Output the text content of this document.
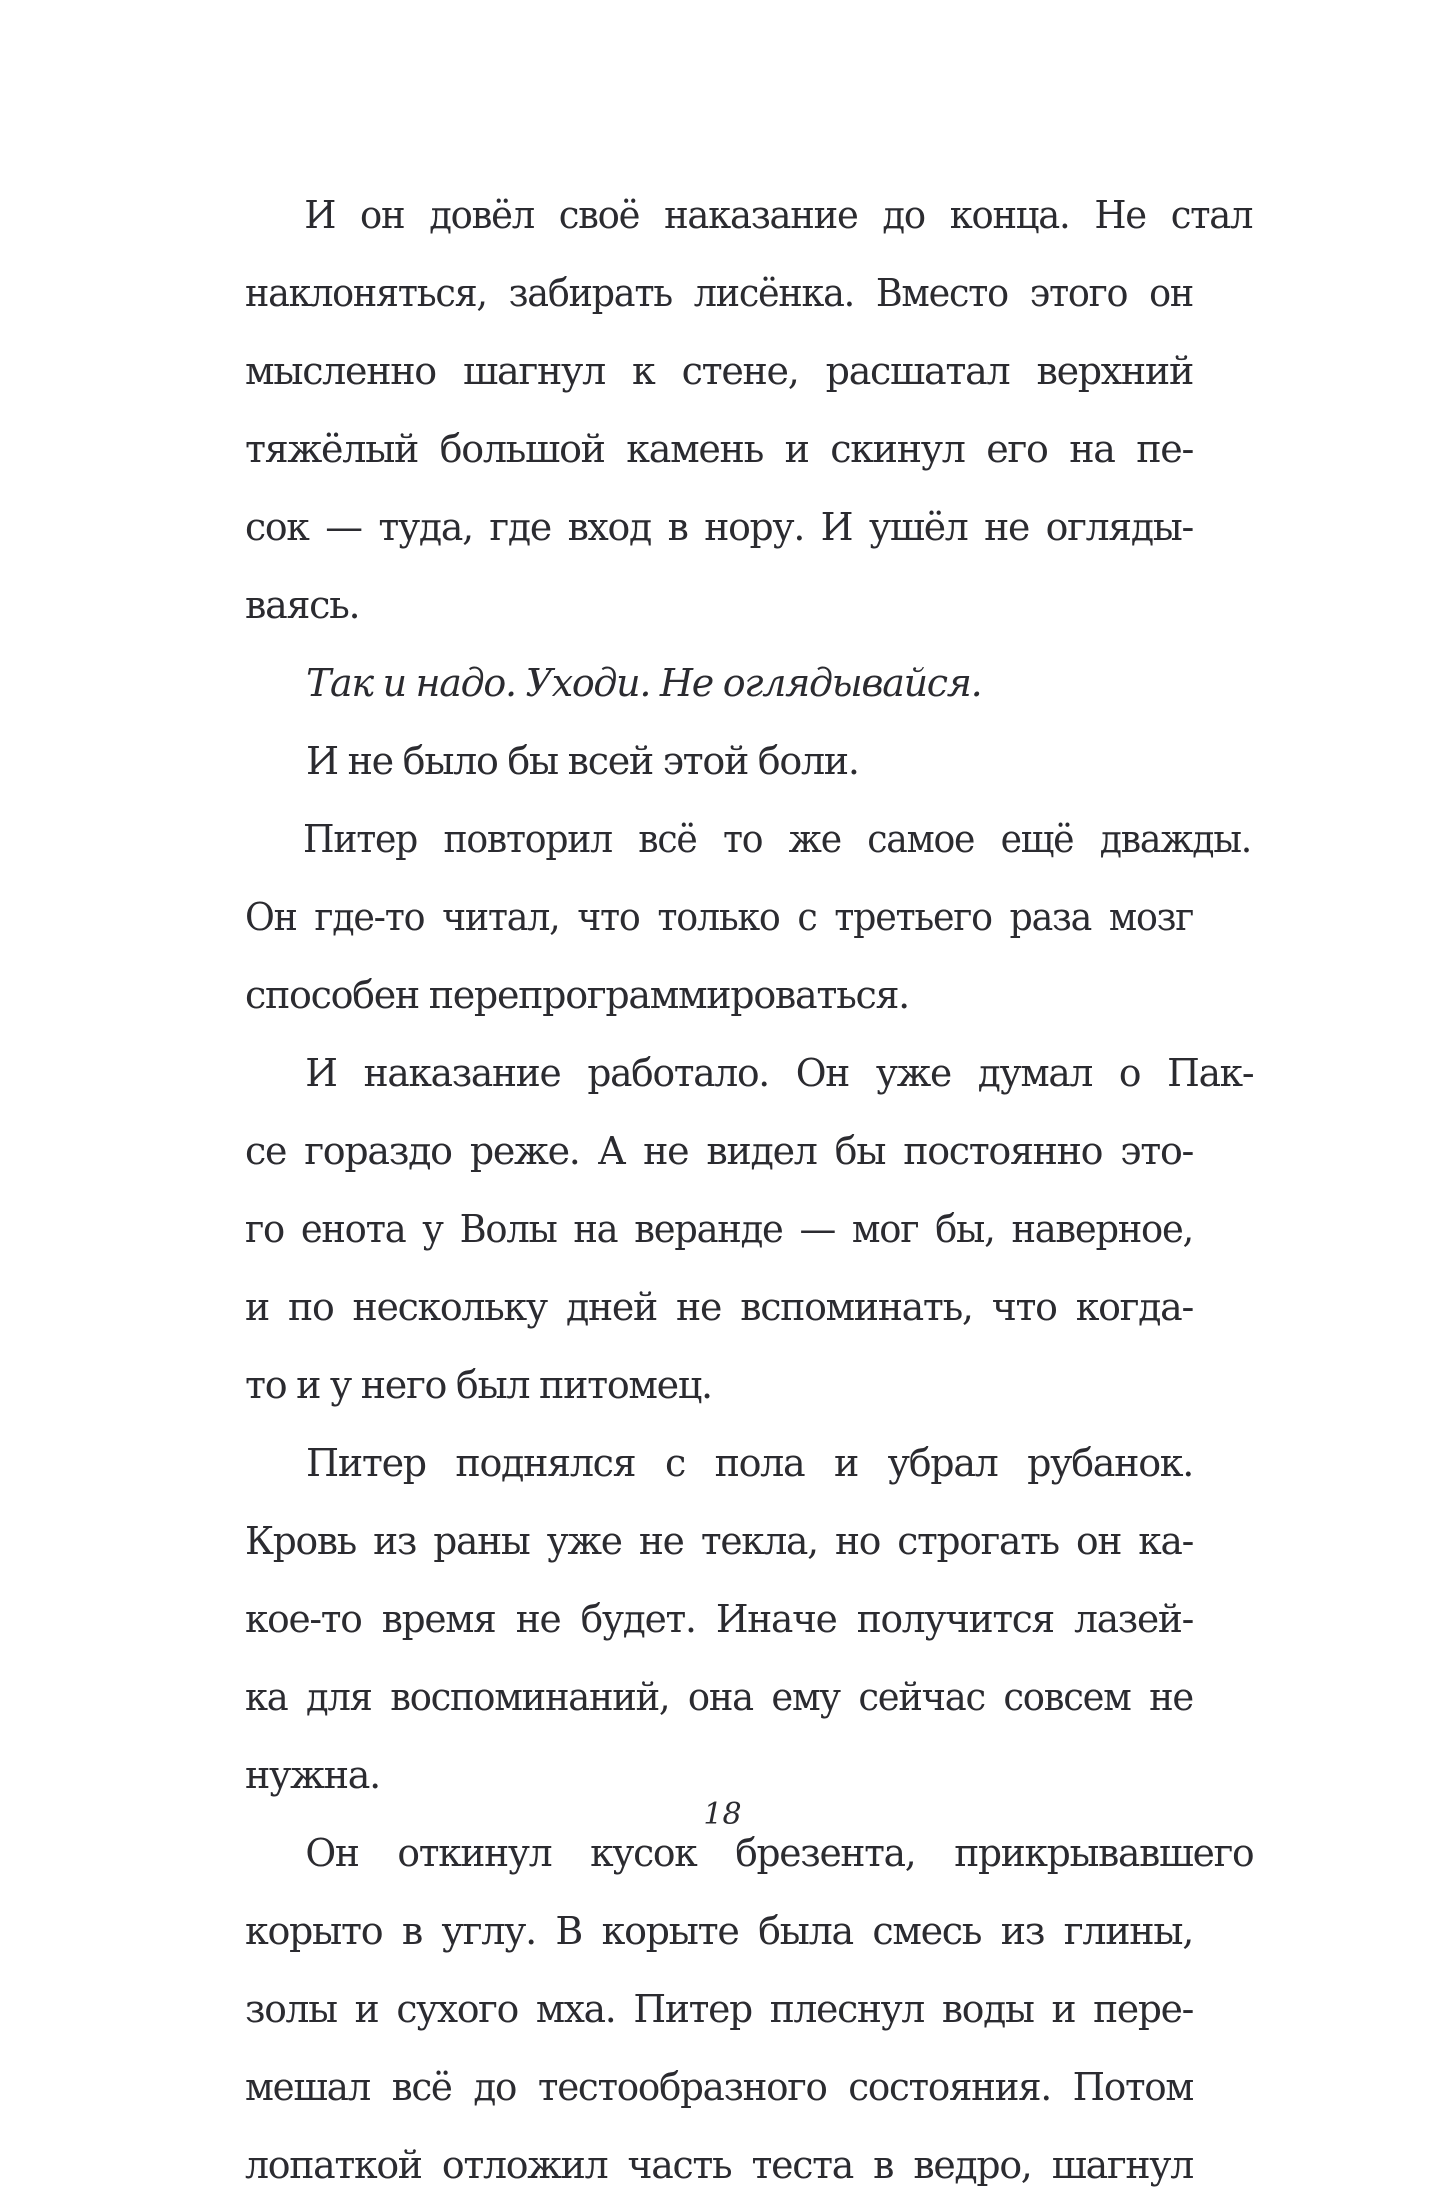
И он довёл своё наказание до конца. Не стал
наклоняться, забирать лисёнка. Вместо этого он
мысленно шагнул к стене, расшатал верхний
тяжёлый большой камень и скинул его на пе-
сок — туда, где вход в нору. И ушёл не огляды-
ваясь.
Так и надо. Уходи. Не оглядывайся.
И не было бы всей этой боли.
Питер повторил всё то же самое ещё дважды.
Он где-то читал, что только с третьего раза мозг
способен перепрограммироваться.
И наказание работало. Он уже думал о Пак-
се гораздо реже. А не видел бы постоянно это-
го енота у Волы на веранде — мог бы, наверное,
и по нескольку дней не вспоминать, что когда-
то и у него был питомец.
Питер поднялся с пола и убрал рубанок.
Кровь из раны уже не текла, но строгать он ка-
кое-то время не будет. Иначе получится лазей-
ка для воспоминаний, она ему сейчас совсем не
нужна.
Он откинул кусок брезента, прикрывавшего
корыто в углу. В корыте была смесь из глины,
золы и сухого мха. Питер плеснул воды и пере-
мешал всё до тестообразного состояния. Потом
лопаткой отложил часть теста в ведро, шагнул
18
